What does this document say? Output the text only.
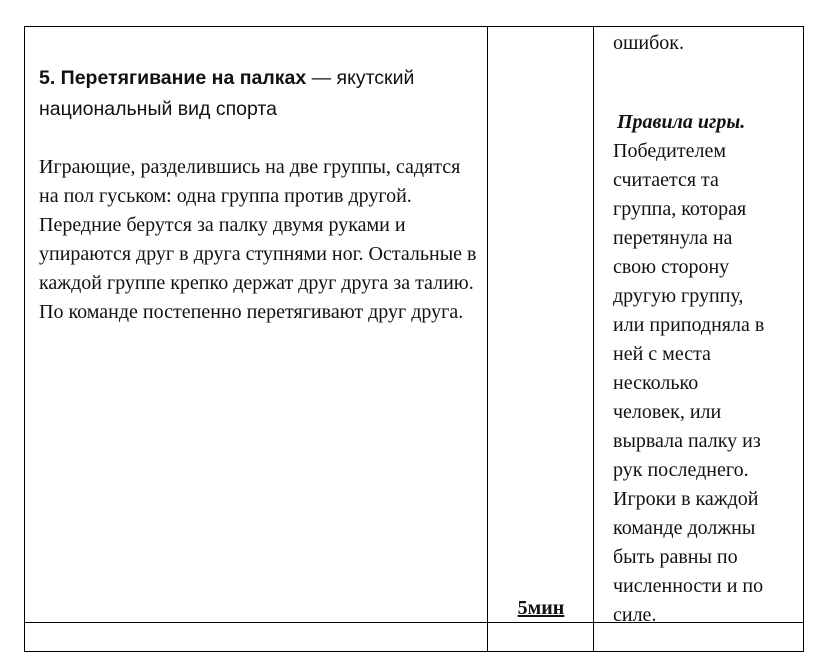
5. Перетягивание на палках — якутский национальный вид спорта

Играющие, разделившись на две группы, садятся на пол гуськом: одна группа против другой. Передние берутся за палку двумя руками и упираются друг в друга ступнями ног. Остальные в каждой группе крепко держат друг друга за талию. По команде постепенно перетягивают друг друга.

ошибок.

Правила игры.

Победителем
считается та
группа, которая
перетянула на
свою сторону
другую группу,
или приподняла в
ней с места
несколько
человек, или
вырвала палку из
рук последнего.
Игроки в каждой
команде должны
быть равны по
численности и по
силе.

5мин
